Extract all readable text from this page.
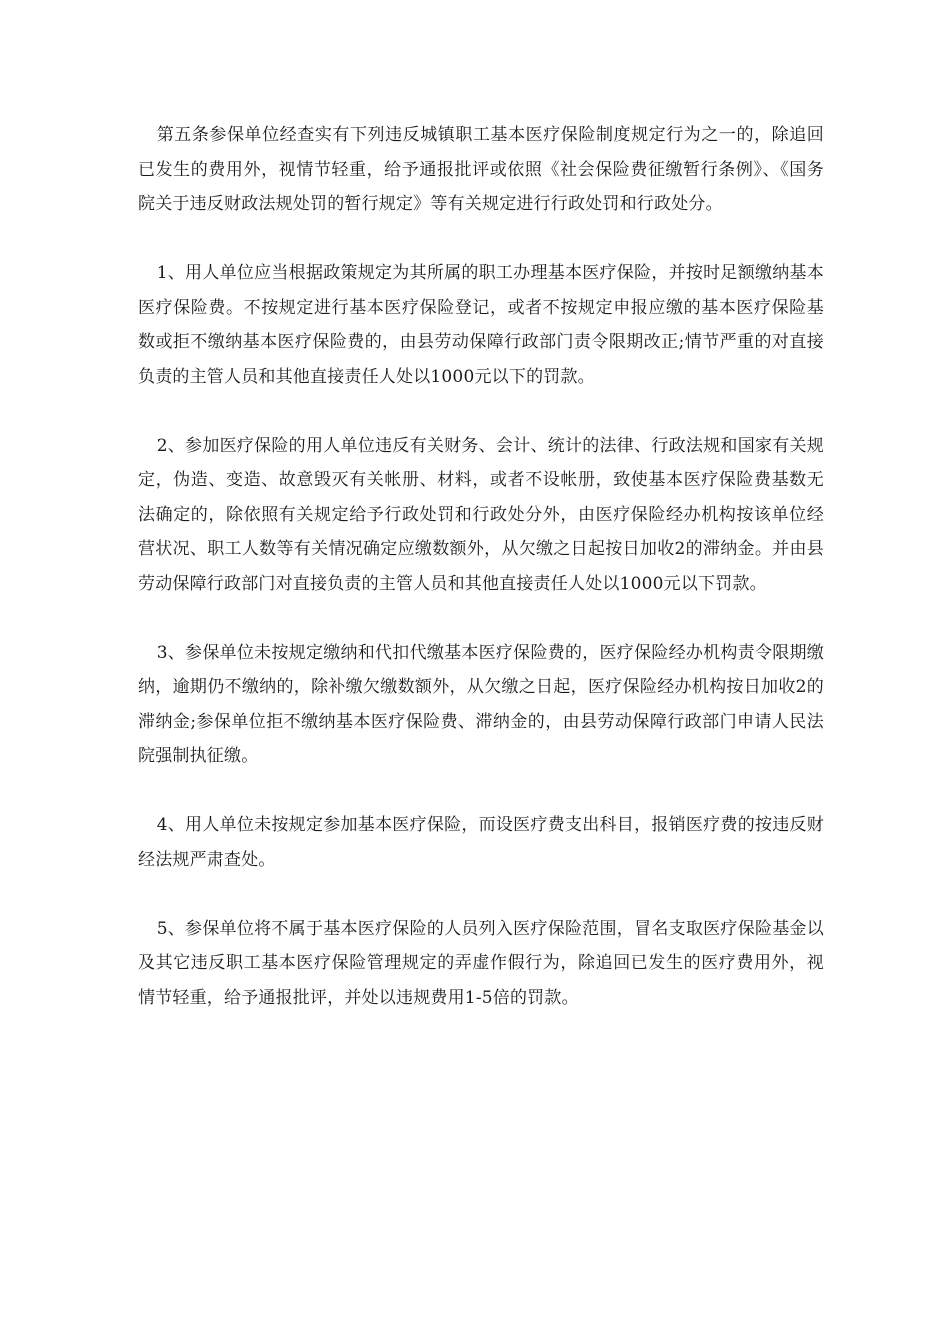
第五条参保单位经查实有下列违反城镇职工基本医疗保险制度规定行为之一的，除追回已发生的费用外，视情节轻重，给予通报批评或依照《社会保险费征缴暂行条例》、《国务院关于违反财政法规处罚的暂行规定》等有关规定进行行政处罚和行政处分。

1、用人单位应当根据政策规定为其所属的职工办理基本医疗保险，并按时足额缴纳基本医疗保险费。不按规定进行基本医疗保险登记，或者不按规定申报应缴的基本医疗保险基数或拒不缴纳基本医疗保险费的，由县劳动保障行政部门责令限期改正;情节严重的对直接负责的主管人员和其他直接责任人处以1000元以下的罚款。

2、参加医疗保险的用人单位违反有关财务、会计、统计的法律、行政法规和国家有关规定，伪造、变造、故意毁灭有关帐册、材料，或者不设帐册，致使基本医疗保险费基数无法确定的，除依照有关规定给予行政处罚和行政处分外，由医疗保险经办机构按该单位经营状况、职工人数等有关情况确定应缴数额外，从欠缴之日起按日加收2的滞纳金。并由县劳动保障行政部门对直接负责的主管人员和其他直接责任人处以1000元以下罚款。

3、参保单位未按规定缴纳和代扣代缴基本医疗保险费的，医疗保险经办机构责令限期缴纳，逾期仍不缴纳的，除补缴欠缴数额外，从欠缴之日起，医疗保险经办机构按日加收2的滞纳金;参保单位拒不缴纳基本医疗保险费、滞纳金的，由县劳动保障行政部门申请人民法院强制执征缴。

4、用人单位未按规定参加基本医疗保险，而设医疗费支出科目，报销医疗费的按违反财经法规严肃查处。

5、参保单位将不属于基本医疗保险的人员列入医疗保险范围，冒名支取医疗保险基金以及其它违反职工基本医疗保险管理规定的弄虚作假行为，除追回已发生的医疗费用外，视情节轻重，给予通报批评，并处以违规费用1-5倍的罚款。
